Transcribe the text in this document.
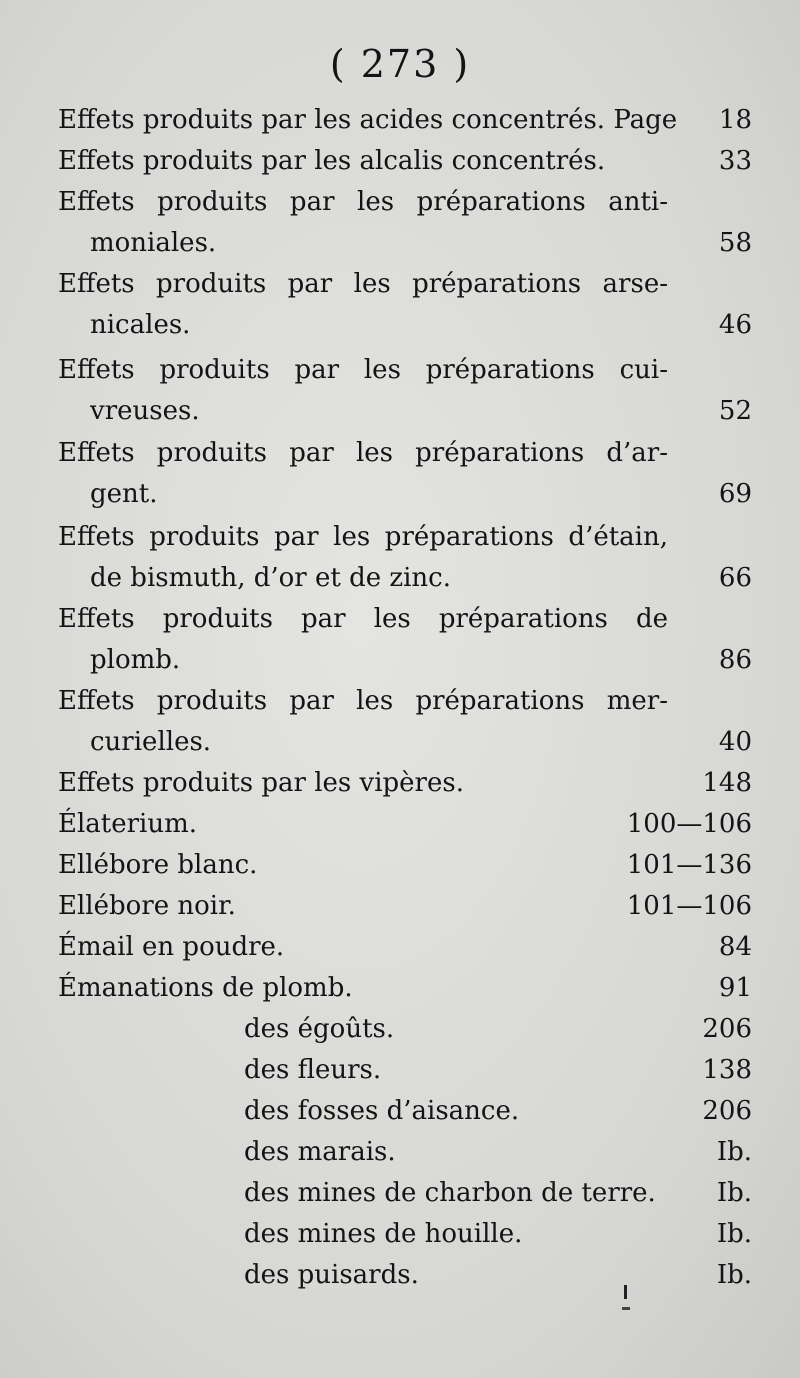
( 273 )
Effets produits par les acides concentrés. Page 18
Effets produits par les alcalis concentrés.	33
Effets produits par les préparations anti-
moniales.	58
Effets produits par les préparations arse-
nicales.	46
Effets produits par les préparations cui-
vreuses.	52
Effets produits par les préparations d’ar-
gent.	69
Effets produits par les préparations d’étain,
de bismuth, d’or et de zinc.	66
Effets produits par les préparations de
plomb.	86
Effets produits par les préparations mer-
curielles.	40
Effets produits par les vipères.	148
Élaterium.	100—106
Ellébore blanc.	101—136
Ellébore noir.	101—106
Émail en poudre.	84
Émanations de plomb.	91
des égoûts.	206
des fleurs.	138
des fosses d’aisance.	206
des marais.	Ib.
des mines de charbon de terre. Ib.
des mines de houille.	Ib.
des puisards.	Ib.
